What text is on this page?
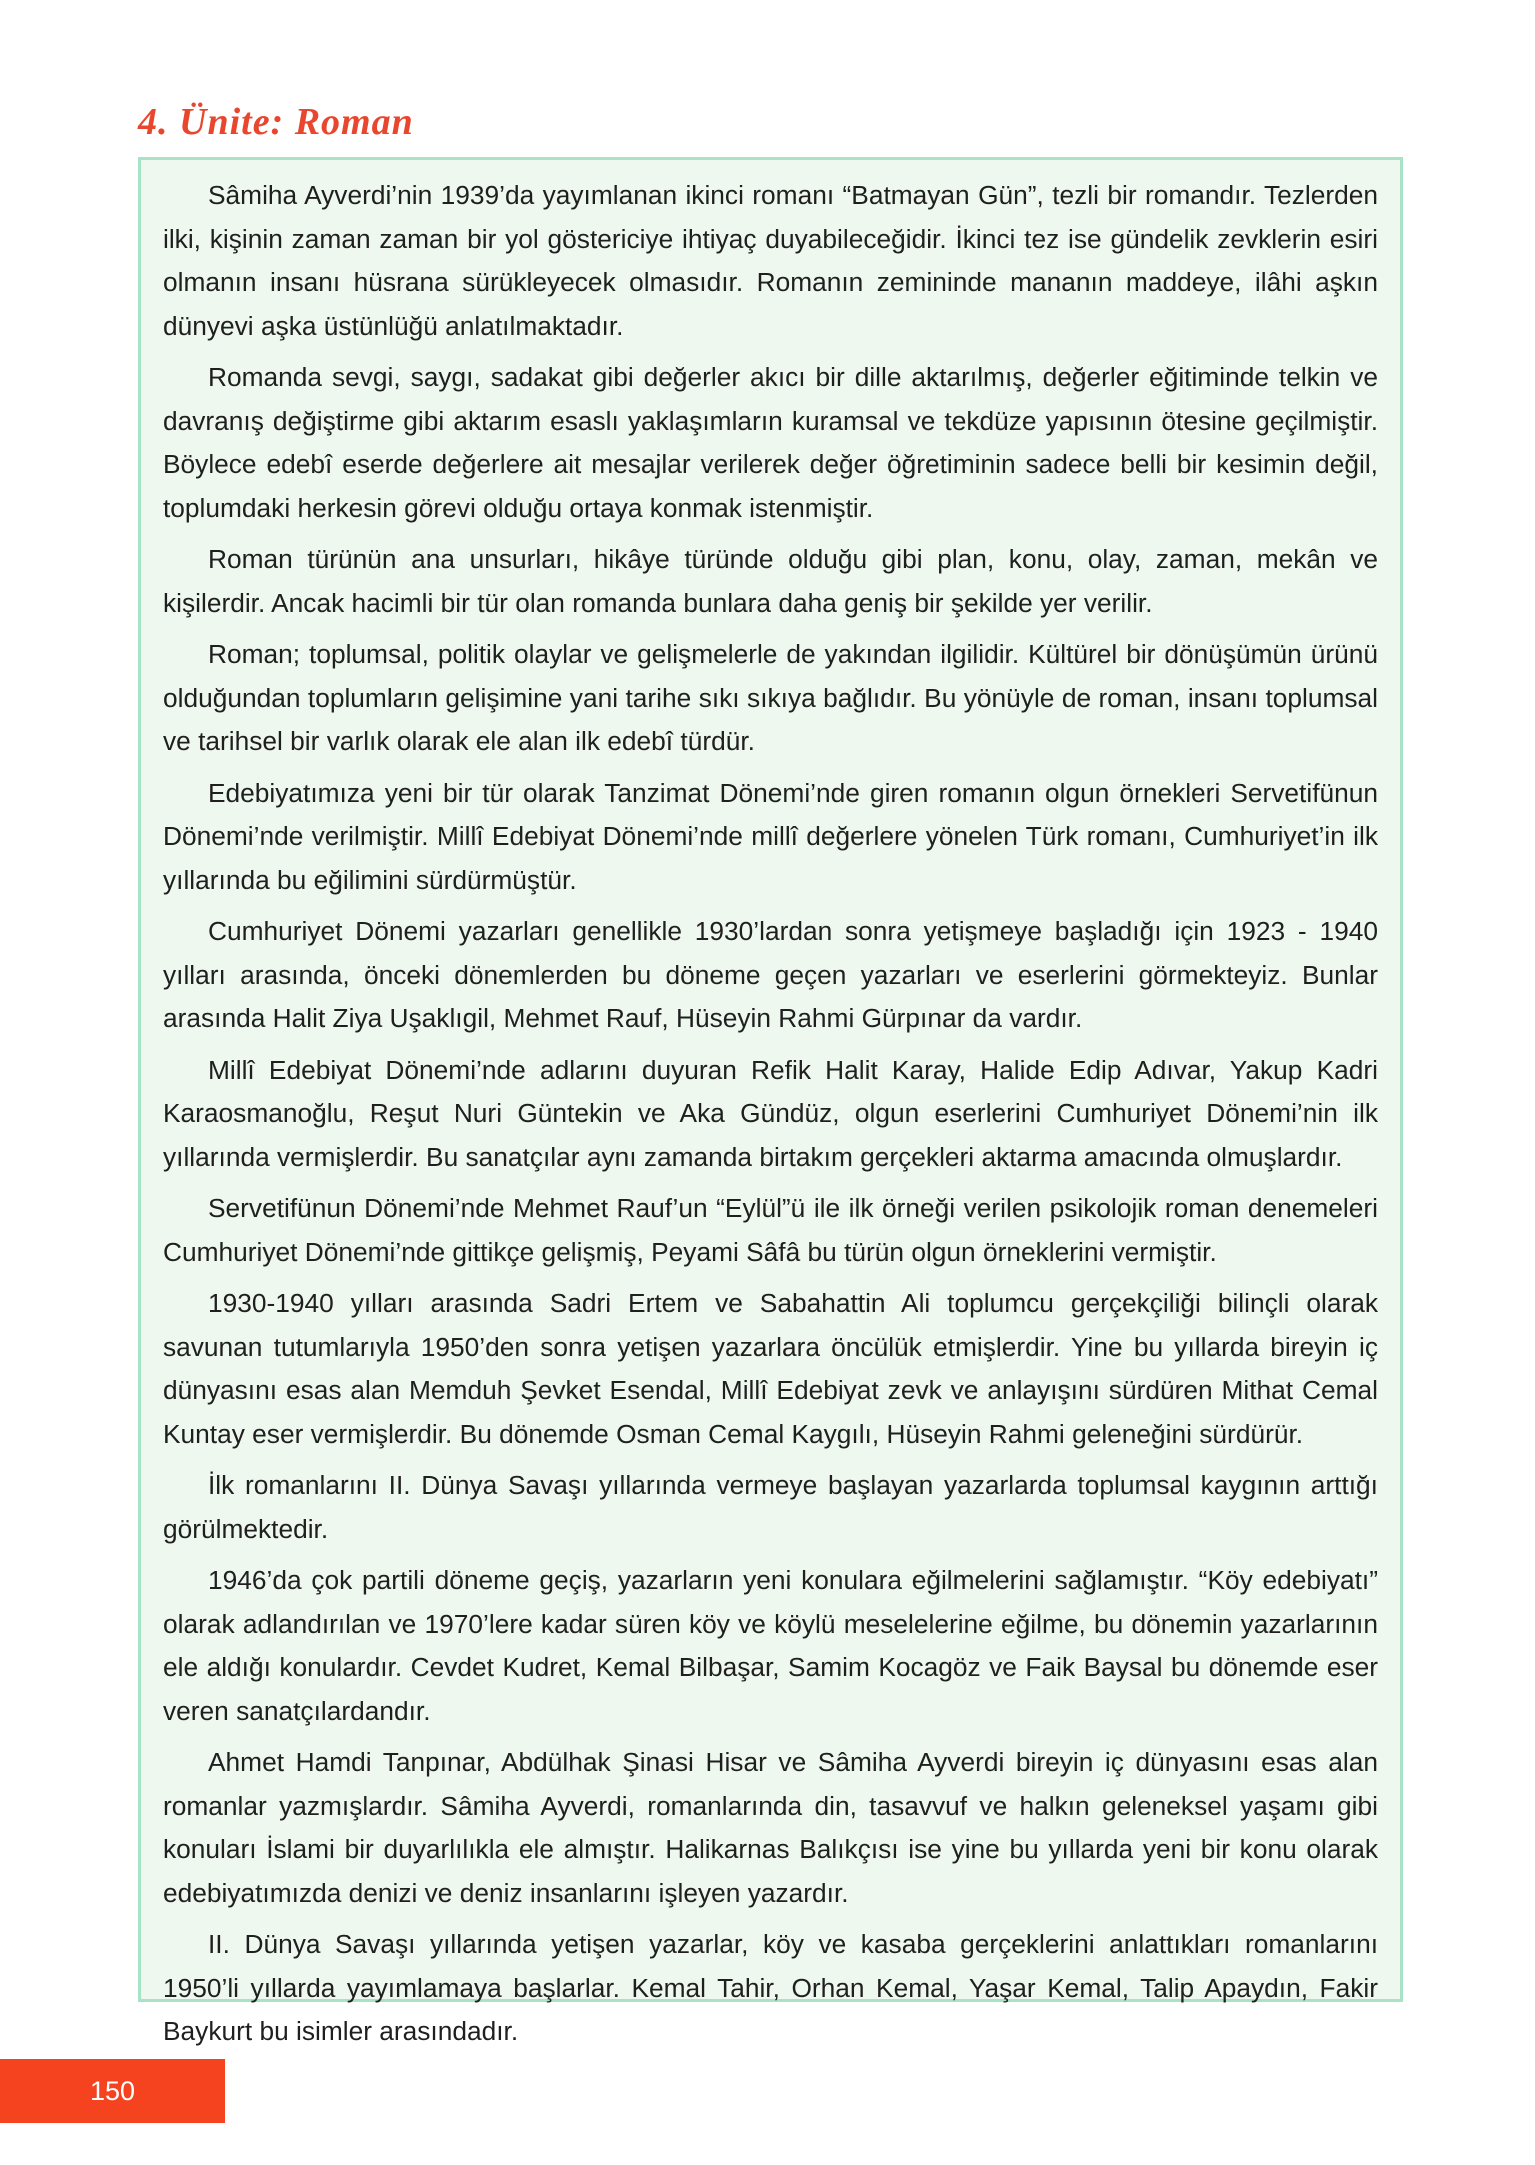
4. Ünite: Roman

Sâmiha Ayverdi’nin 1939’da yayımlanan ikinci romanı “Batmayan Gün”, tezli bir romandır. Tezlerden ilki, kişinin zaman zaman bir yol göstericiye ihtiyaç duyabileceğidir. İkinci tez ise gündelik zevklerin esiri olmanın insanı hüsrana sürükleyecek olmasıdır. Romanın zemininde mananın maddeye, ilâhi aşkın dünyevi aşka üstünlüğü anlatılmaktadır.

Romanda sevgi, saygı, sadakat gibi değerler akıcı bir dille aktarılmış, değerler eğitiminde telkin ve davranış değiştirme gibi aktarım esaslı yaklaşımların kuramsal ve tekdüze yapısının ötesine geçilmiştir. Böylece edebî eserde değerlere ait mesajlar verilerek değer öğretiminin sadece belli bir kesimin değil, toplumdaki herkesin görevi olduğu ortaya konmak istenmiştir.

Roman türünün ana unsurları, hikâye türünde olduğu gibi plan, konu, olay, zaman, mekân ve kişilerdir. Ancak hacimli bir tür olan romanda bunlara daha geniş bir şekilde yer verilir.

Roman; toplumsal, politik olaylar ve gelişmelerle de yakından ilgilidir. Kültürel bir dönüşümün ürünü olduğundan toplumların gelişimine yani tarihe sıkı sıkıya bağlıdır. Bu yönüyle de roman, insanı toplumsal ve tarihsel bir varlık olarak ele alan ilk edebî türdür.

Edebiyatımıza yeni bir tür olarak Tanzimat Dönemi’nde giren romanın olgun örnekleri Servetifünun Dönemi’nde verilmiştir. Millî Edebiyat Dönemi’nde millî değerlere yönelen Türk romanı, Cumhuriyet’in ilk yıllarında bu eğilimini sürdürmüştür.

Cumhuriyet Dönemi yazarları genellikle 1930’lardan sonra yetişmeye başladığı için 1923 - 1940 yılları arasında, önceki dönemlerden bu döneme geçen yazarları ve eserlerini görmekteyiz. Bunlar arasında Halit Ziya Uşaklıgil, Mehmet Rauf, Hüseyin Rahmi Gürpınar da vardır.

Millî Edebiyat Dönemi’nde adlarını duyuran Refik Halit Karay, Halide Edip Adıvar, Yakup Kadri Karaosmanoğlu, Reşut Nuri Güntekin ve Aka Gündüz, olgun eserlerini Cumhuriyet Dönemi’nin ilk yıllarında vermişlerdir. Bu sanatçılar aynı zamanda birtakım gerçekleri aktarma amacında olmuşlardır.

Servetifünun Dönemi’nde Mehmet Rauf’un “Eylül”ü ile ilk örneği verilen psikolojik roman denemeleri Cumhuriyet Dönemi’nde gittikçe gelişmiş, Peyami Sâfâ bu türün olgun örneklerini vermiştir.

1930-1940 yılları arasında Sadri Ertem ve Sabahattin Ali toplumcu gerçekçiliği bilinçli olarak savunan tutumlarıyla 1950’den sonra yetişen yazarlara öncülük etmişlerdir. Yine bu yıllarda bireyin iç dünyasını esas alan Memduh Şevket Esendal, Millî Edebiyat zevk ve anlayışını sürdüren Mithat Cemal Kuntay eser vermişlerdir. Bu dönemde Osman Cemal Kaygılı, Hüseyin Rahmi geleneğini sürdürür.

İlk romanlarını II. Dünya Savaşı yıllarında vermeye başlayan yazarlarda toplumsal kaygının arttığı görülmektedir.

1946’da çok partili döneme geçiş, yazarların yeni konulara eğilmelerini sağlamıştır. “Köy edebiyatı” olarak adlandırılan ve 1970’lere kadar süren köy ve köylü meselelerine eğilme, bu dönemin yazarlarının ele aldığı konulardır. Cevdet Kudret, Kemal Bilbaşar, Samim Kocagöz ve Faik Baysal bu dönemde eser veren sanatçılardandır.

Ahmet Hamdi Tanpınar, Abdülhak Şinasi Hisar ve Sâmiha Ayverdi bireyin iç dünyasını esas alan romanlar yazmışlardır. Sâmiha Ayverdi, romanlarında din, tasavvuf ve halkın geleneksel yaşamı gibi konuları İslami bir duyarlılıkla ele almıştır. Halikarnas Balıkçısı ise yine bu yıllarda yeni bir konu olarak edebiyatımızda denizi ve deniz insanlarını işleyen yazardır.

II. Dünya Savaşı yıllarında yetişen yazarlar, köy ve kasaba gerçeklerini anlattıkları romanlarını 1950’li yıllarda yayımlamaya başlarlar. Kemal Tahir, Orhan Kemal, Yaşar Kemal, Talip Apaydın, Fakir Baykurt bu isimler arasındadır.

150
